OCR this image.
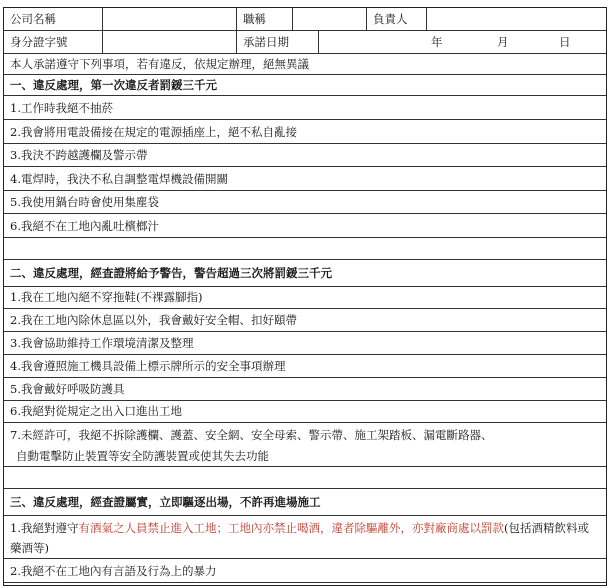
公司名稱	職稱	負責人
身分證字號	承諾日期	年	月	日
本人承諾遵守下列事項，若有違反，依規定辦理，絕無異議
一、違反處理，第一次違反者罰鍰三千元
1.工作時我絕不抽菸
2.我會將用電設備接在規定的電源插座上，絕不私自亂接
3.我決不跨越護欄及警示帶
4.電焊時，我決不私自調整電焊機設備開關
5.我使用鍋台時會使用集塵袋
6.我絕不在工地內亂吐檳榔汁
二、違反處理，經查證將給予警告，警告超過三次將罰鍰三千元
1.我在工地內絕不穿拖鞋(不裸露腳指)
2.我在工地內除休息區以外，我會戴好安全帽、扣好頤帶
3.我會協助維持工作環境清潔及整理
4.我會遵照施工機具設備上標示牌所示的安全事項辦理
5.我會戴好呼吸防護具
6.我絕對從規定之出入口進出工地
7.未經許可，我絕不拆除護欄、護蓋、安全網、安全母索、警示帶、施工架踏板、漏電斷路器、
自動電擊防止裝置等安全防護裝置或使其失去功能
三、違反處理，經查證屬實，立即驅逐出場，不許再進場施工
1.我絕對遵守有酒氣之人員禁止進入工地；工地內亦禁止喝酒，違者除驅離外，亦對廠商處以罰款(包括酒精飲料或藥酒等)
2.我絕不在工地內有言語及行為上的暴力
